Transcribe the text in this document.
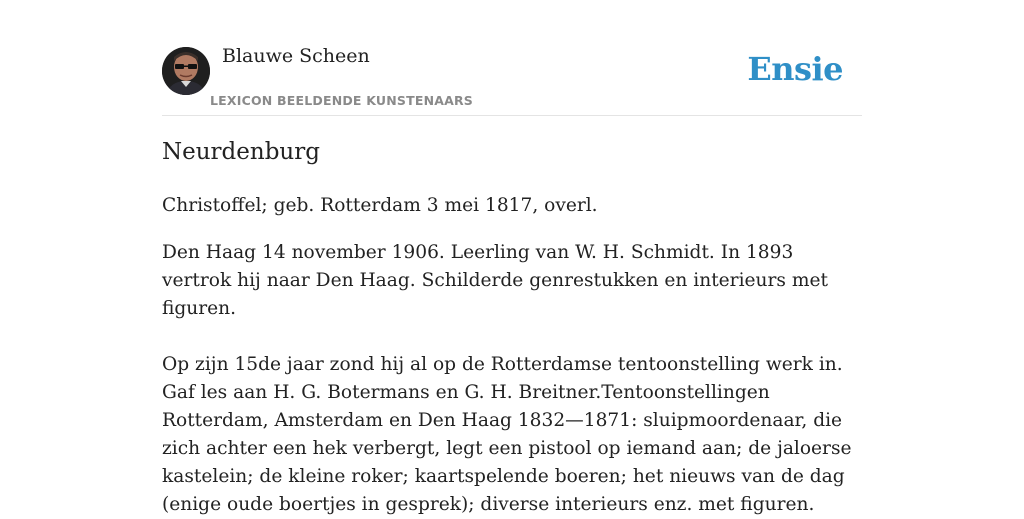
Blauwe Scheen
LEXICON BEELDENDE KUNSTENAARS
Ensie
Neurdenburg

Christoffel; geb. Rotterdam 3 mei 1817, overl.

Den Haag 14 november 1906. Leerling van W. H. Schmidt. In 1893 vertrok hij naar Den Haag. Schilderde genrestukken en interieurs met figuren.

Op zijn 15de jaar zond hij al op de Rotterdamse tentoonstelling werk in. Gaf les aan H. G. Botermans en G. H. Breitner.Tentoonstellingen Rotterdam, Amsterdam en Den Haag 1832—1871: sluipmoordenaar, die zich achter een hek verbergt, legt een pistool op iemand aan; de jaloerse kastelein; de kleine roker; kaartspelende boeren; het nieuws van de dag (enige oude boertjes in gesprek); diverse interieurs enz. met figuren.
